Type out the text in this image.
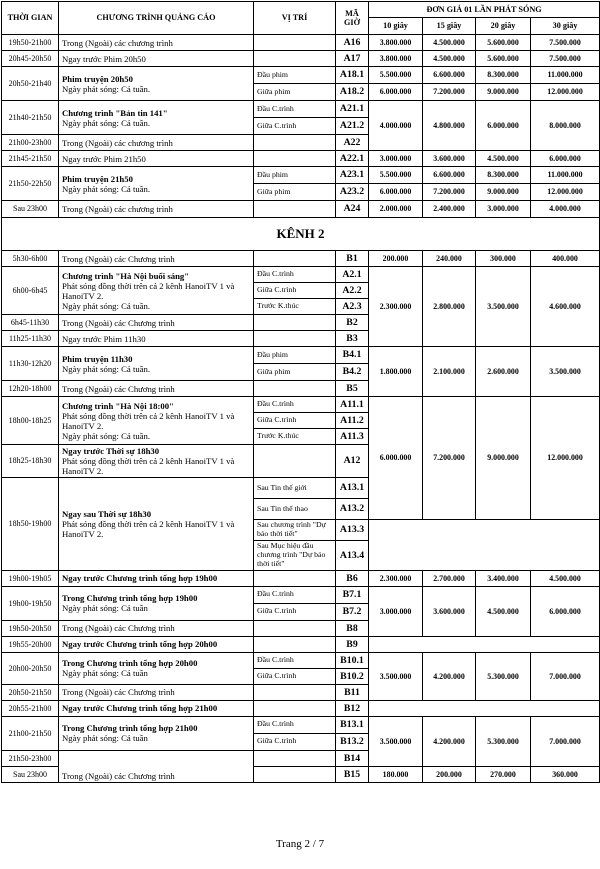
THỜI GIAN	CHƯƠNG TRÌNH QUẢNG CÁO	VỊ TRÍ	MÃ GIỜ	ĐƠN GIÁ 01 LẦN PHÁT SÓNG				
				10 giây	15 giây	20 giây	30 giây	
19h50-21h00	Trong (Ngoài) các chương trình		A16	3.800.000	4.500.000	5.600.000	7.500.000	
20h45-20h50	Ngay trước Phim 20h50		A17	3.800.000	4.500.000	5.600.000	7.500.000	
20h50-21h40	Phim truyện 20h50
Ngày phát sóng: Cả tuần.	Đầu phim	A18.1	5.500.000	6.600.000	8.300.000	11.000.000	
		Giữa phim	A18.2	6.000.000	7.200.000	9.000.000	12.000.000	
21h40-21h50	Chương trình "Bản tin 141"
Ngày phát sóng: Cả tuần.	Đầu C.trình	A21.1	4.000.000	4.800.000	6.000.000	8.000.000	
		Giữa C.trình	A21.2					
21h00-23h00	Trong (Ngoài) các chương trình		A22				
21h45-21h50	Ngay trước Phim 21h50		A22.1	3.000.000	3.600.000	4.500.000	6.000.000	
21h50-22h50	Phim truyện 21h50
Ngày phát sóng: Cả tuần.	Đầu phim	A23.1	5.500.000	6.600.000	8.300.000	11.000.000	
		Giữa phim	A23.2	6.000.000	7.200.000	9.000.000	12.000.000	
Sau 23h00	Trong (Ngoài) các chương trình		A24	2.000.000	2.400.000	3.000.000	4.000.000	
KÊNH 2								
5h30-6h00	Trong (Ngoài) các Chương trình		B1	200.000	240.000	300.000	400.000	
6h00-6h45	Chương trình "Hà Nội buổi sáng"
Phát sóng đồng thời trên cả 2 kênh HanoiTV 1 và HanoiTV 2.
Ngày phát sóng: Cả tuần.	Đầu C.trình	A2.1	2.300.000	2.800.000	3.500.000	4.600.000	
		Giữa C.trình	A2.2					
		Trước K.thúc	A2.3					
6h45-11h30	Trong (Ngoài) các Chương trình		B2				
11h25-11h30	Ngay trước Phim 11h30		B3				
11h30-12h20	Phim truyện 11h30
Ngày phát sóng: Cả tuần.	Đầu phim	B4.1	1.800.000	2.100.000	2.600.000	3.500.000	
		Giữa phim	B4.2					
12h20-18h00	Trong (Ngoài) các Chương trình		B5				
18h00-18h25	Chương trình "Hà Nội 18:00"
Phát sóng đồng thời trên cả 2 kênh HanoiTV 1 và HanoiTV 2.
Ngày phát sóng: Cả tuần.	Đầu C.trình	A11.1	6.000.000	7.200.000	9.000.000	12.000.000	
		Giữa C.trình	A11.2					
		Trước K.thúc	A11.3					
18h25-18h30	Ngay trước Thời sự 18h30
Phát sóng đồng thời trên cả 2 kênh HanoiTV 1 và HanoiTV 2.		A12					
18h50-19h00	Ngay sau Thời sự 18h30
Phát sóng đồng thời trên cả 2 kênh HanoiTV 1 và HanoiTV 2.	Sau Tin thế giới	A13.1				
		Sau Tin thể thao	A13.2					
		Sau chương trình "Dự báo thời tiết"	A13.3					
		Sau Mục hiệu đầu chương trình "Dự báo thời tiết"	A13.4					
19h00-19h05	Ngay trước Chương trình tổng hợp 19h00		B6	2.300.000	2.700.000	3.400.000	4.500.000	
19h00-19h50	Trong Chương trình tổng hợp 19h00
Ngày phát sóng: Cả tuần	Đầu C.trình	B7.1	3.000.000	3.600.000	4.500.000	6.000.000	
		Giữa C.trình	B7.2					
19h50-20h50	Trong (Ngoài) các Chương trình		B8				
19h55-20h00	Ngay trước Chương trình tổng hợp 20h00		B9					
20h00-20h50	Trong Chương trình tổng hợp 20h00
Ngày phát sóng: Cả tuần	Đầu C.trình	B10.1	3.500.000	4.200.000	5.300.000	7.000.000	
		Giữa C.trình	B10.2					
20h50-21h50	Trong (Ngoài) các Chương trình		B11				
20h55-21h00	Ngay trước Chương trình tổng hợp 21h00		B12					
21h00-21h50	Trong Chương trình tổng hợp 21h00
Ngày phát sóng: Cả tuần	Đầu C.trình	B13.1	3.500.000	4.200.000	5.300.000	7.000.000	
		Giữa C.trình	B13.2					
21h50-23h00	Trong (Ngoài) các Chương trình		B14				
Sau 23h00			B15	180.000	200.000	270.000	360.000	
Trang 2 / 7
